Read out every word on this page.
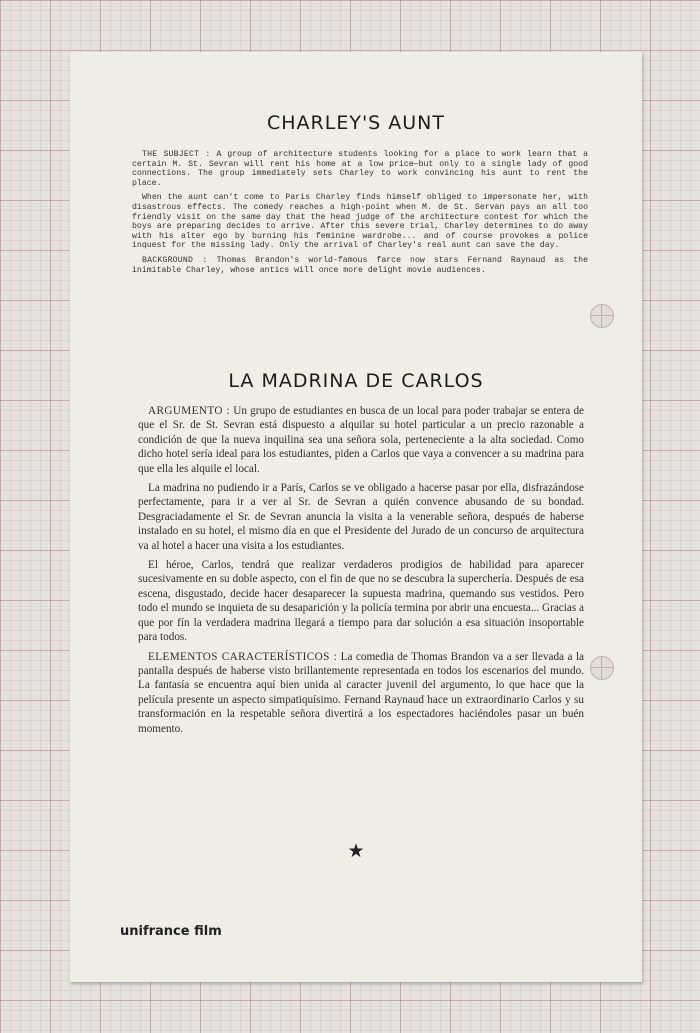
CHARLEY'S AUNT

THE SUBJECT : A group of architecture students looking for a place to work learn that a certain M. St. Sevran will rent his home at a low price—but only to a single lady of good connections. The group immediately sets Charley to work convincing his aunt to rent the place.

When the aunt can't come to Paris Charley finds himself obliged to impersonate her, with disastrous effects. The comedy reaches a high-point when M. de St. Servan pays an all too friendly visit on the same day that the head judge of the architecture contest for which the boys are preparing decides to arrive. After this severe trial, Charley determines to do away with his alter ego by burning his feminine wardrobe... and of course provokes a police inquest for the missing lady. Only the arrival of Charley's real aunt can save the day.

BACKGROUND : Thomas Brandon's world-famous farce now stars Fernand Raynaud as the inimitable Charley, whose antics will once more delight movie audiences.

LA MADRINA DE CARLOS

ARGUMENTO : Un grupo de estudiantes en busca de un local para poder trabajar se entera de que el Sr. de St. Sevran está dispuesto a alquilar su hotel particular a un precio razonable a condición de que la nueva inquilina sea una señora sola, perteneciente a la alta sociedad. Como dicho hotel sería ideal para los estudiantes, piden a Carlos que vaya a convencer a su madrina para que ella les alquile el local.

La madrina no pudiendo ir a París, Carlos se ve obligado a hacerse pasar por ella, disfrazándose perfectamente, para ir a ver al Sr. de Sevran a quién convence abusando de su bondad. Desgraciadamente el Sr. de Sevran anuncia la visita a la venerable señora, después de haberse instalado en su hotel, el mismo día en que el Presidente del Jurado de un concurso de arquitectura va al hotel a hacer una visita a los estudiantes.

El héroe, Carlos, tendrá que realizar verdaderos prodigios de habilidad para aparecer sucesivamente en su doble aspecto, con el fin de que no se descubra la superchería. Después de esa escena, disgustado, decide hacer desaparecer la supuesta madrina, quemando sus vestidos. Pero todo el mundo se inquieta de su desaparición y la policía termina por abrir una encuesta... Gracias a que por fín la verdadera madrina llegará a tiempo para dar solución a esa situación insoportable para todos.

ELEMENTOS CARACTERÍSTICOS : La comedia de Thomas Brandon va a ser llevada a la pantalla después de haberse visto brillantemente representada en todos los escenarios del mundo. La fantasía se encuentra aquí bien unida al caracter juvenil del argumento, lo que hace que la película presente un aspecto simpatiquísimo. Fernand Raynaud hace un extraordinario Carlos y su transformación en la respetable señora divertirá a los espectadores haciéndoles pasar un buén momento.

★
unifrance film
